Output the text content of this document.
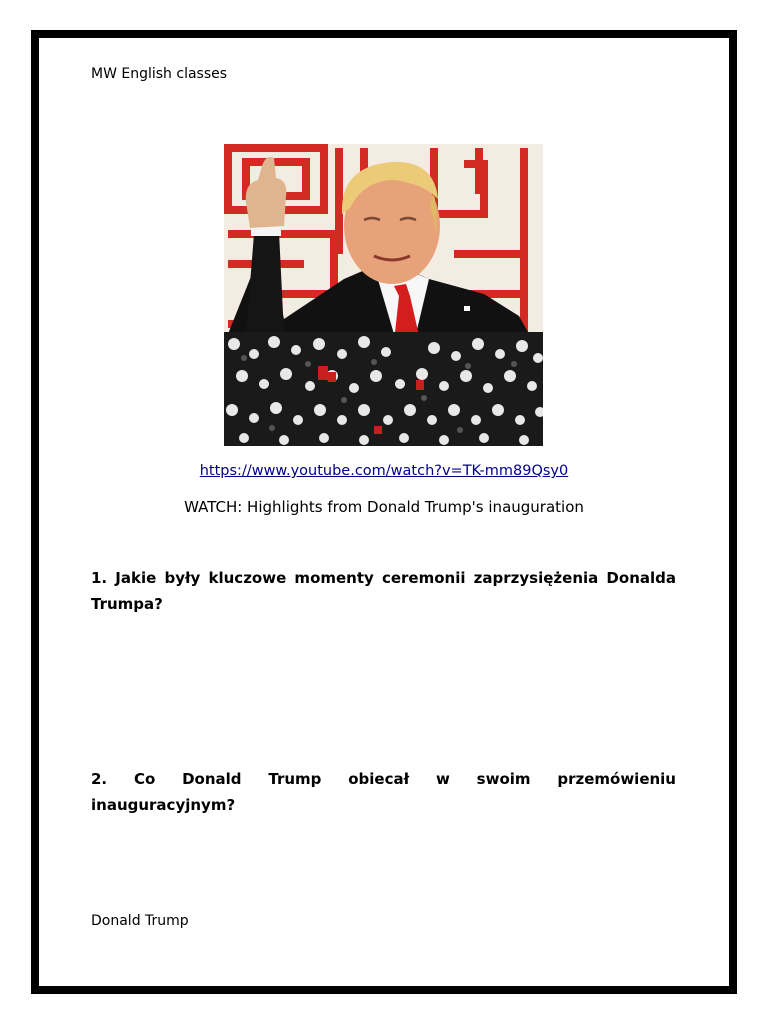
MW English classes
https://www.youtube.com/watch?v=TK-mm89Qsy0
WATCH: Highlights from Donald Trump's inauguration
1. Jakie były kluczowe momenty ceremonii zaprzysiężenia Donalda Trumpa?
2. Co Donald Trump obiecał w swoim przemówieniu
inauguracyjnym?
Donald Trump
